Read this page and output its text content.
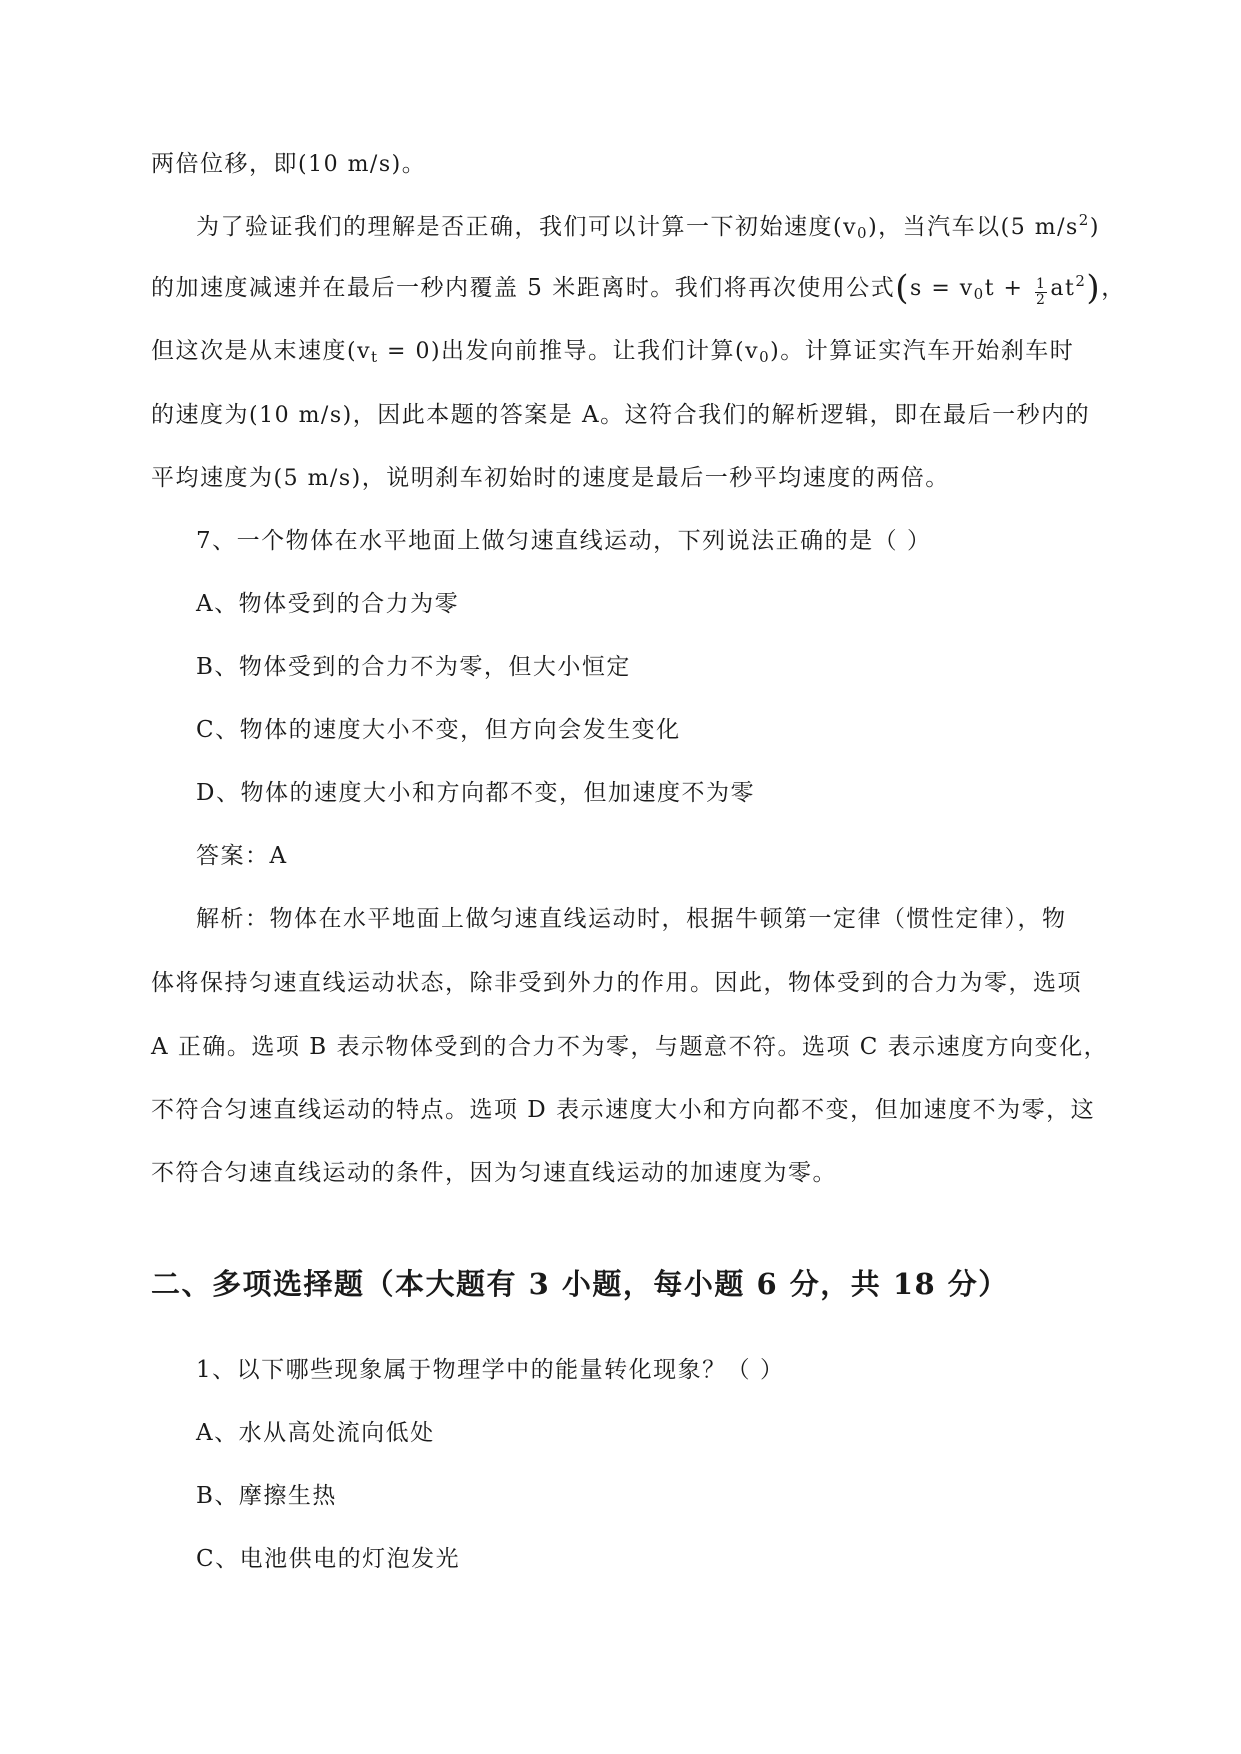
两倍位移，即(10 m/s)。
为了验证我们的理解是否正确，我们可以计算一下初始速度$(v_0)$，当汽车以(5 $m/s^2$)
的加速度减速并在最后一秒内覆盖 5 米距离时。我们将再次使用公式$(s = v_0t + \frac{1}{2} at^2)$，
但这次是从末速度$(v_t = 0)$出发向前推导。让我们计算$(v_0)$。计算证实汽车开始刹车时
的速度为(10 m/s)，因此本题的答案是 A。这符合我们的解析逻辑，即在最后一秒内的
平均速度为(5 m/s)，说明刹车初始时的速度是最后一秒平均速度的两倍。
7、一个物体在水平地面上做匀速直线运动，下列说法正确的是（ ）
A、物体受到的合力为零
B、物体受到的合力不为零，但大小恒定
C、物体的速度大小不变，但方向会发生变化
D、物体的速度大小和方向都不变，但加速度不为零
答案：A
解析：物体在水平地面上做匀速直线运动时，根据牛顿第一定律（惯性定律），物
体将保持匀速直线运动状态，除非受到外力的作用。因此，物体受到的合力为零，选项
A 正确。选项 B 表示物体受到的合力不为零，与题意不符。选项 C 表示速度方向变化，
不符合匀速直线运动的特点。选项 D 表示速度大小和方向都不变，但加速度不为零，这
不符合匀速直线运动的条件，因为匀速直线运动的加速度为零。
二、多项选择题（本大题有 3 小题，每小题 6 分，共 18 分）
1、以下哪些现象属于物理学中的能量转化现象？（ ）
A、水从高处流向低处
B、摩擦生热
C、电池供电的灯泡发光
